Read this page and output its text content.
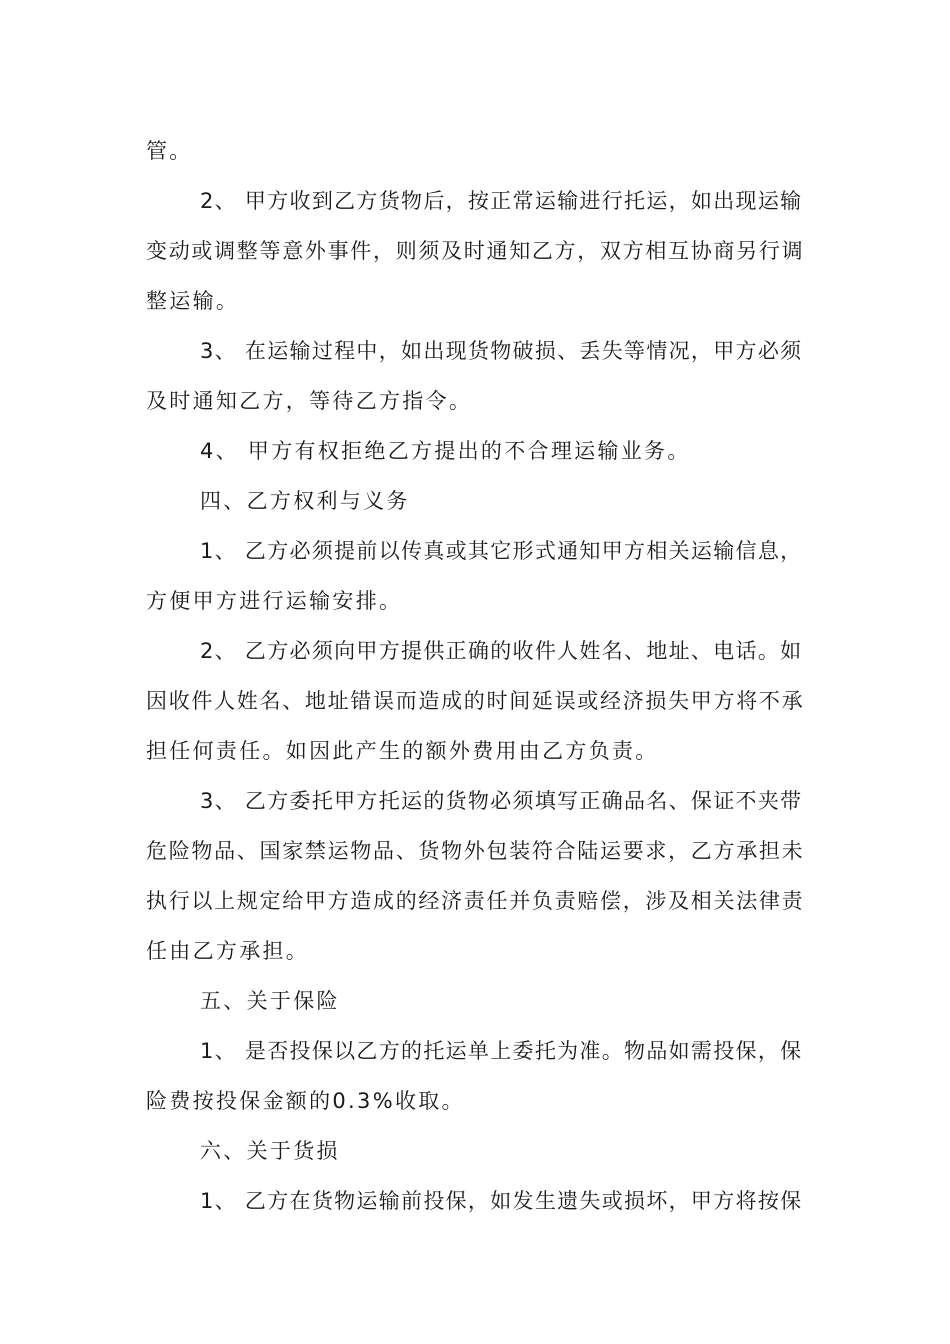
管。
2、 甲方收到乙方货物后，按正常运输进行托运，如出现运输
变动或调整等意外事件，则须及时通知乙方，双方相互协商另行调
整运输。
3、 在运输过程中，如出现货物破损、丢失等情况，甲方必须
及时通知乙方，等待乙方指令。
4、 甲方有权拒绝乙方提出的不合理运输业务。
四、乙方权利与义务
1、 乙方必须提前以传真或其它形式通知甲方相关运输信息，
方便甲方进行运输安排。
2、 乙方必须向甲方提供正确的收件人姓名、地址、电话。如
因收件人姓名、地址错误而造成的时间延误或经济损失甲方将不承
担任何责任。如因此产生的额外费用由乙方负责。
3、 乙方委托甲方托运的货物必须填写正确品名、保证不夹带
危险物品、国家禁运物品、货物外包装符合陆运要求，乙方承担未
执行以上规定给甲方造成的经济责任并负责赔偿，涉及相关法律责
任由乙方承担。
五、关于保险
1、 是否投保以乙方的托运单上委托为准。物品如需投保，保
险费按投保金额的0.3%收取。
六、关于货损
1、 乙方在货物运输前投保，如发生遗失或损坏，甲方将按保
